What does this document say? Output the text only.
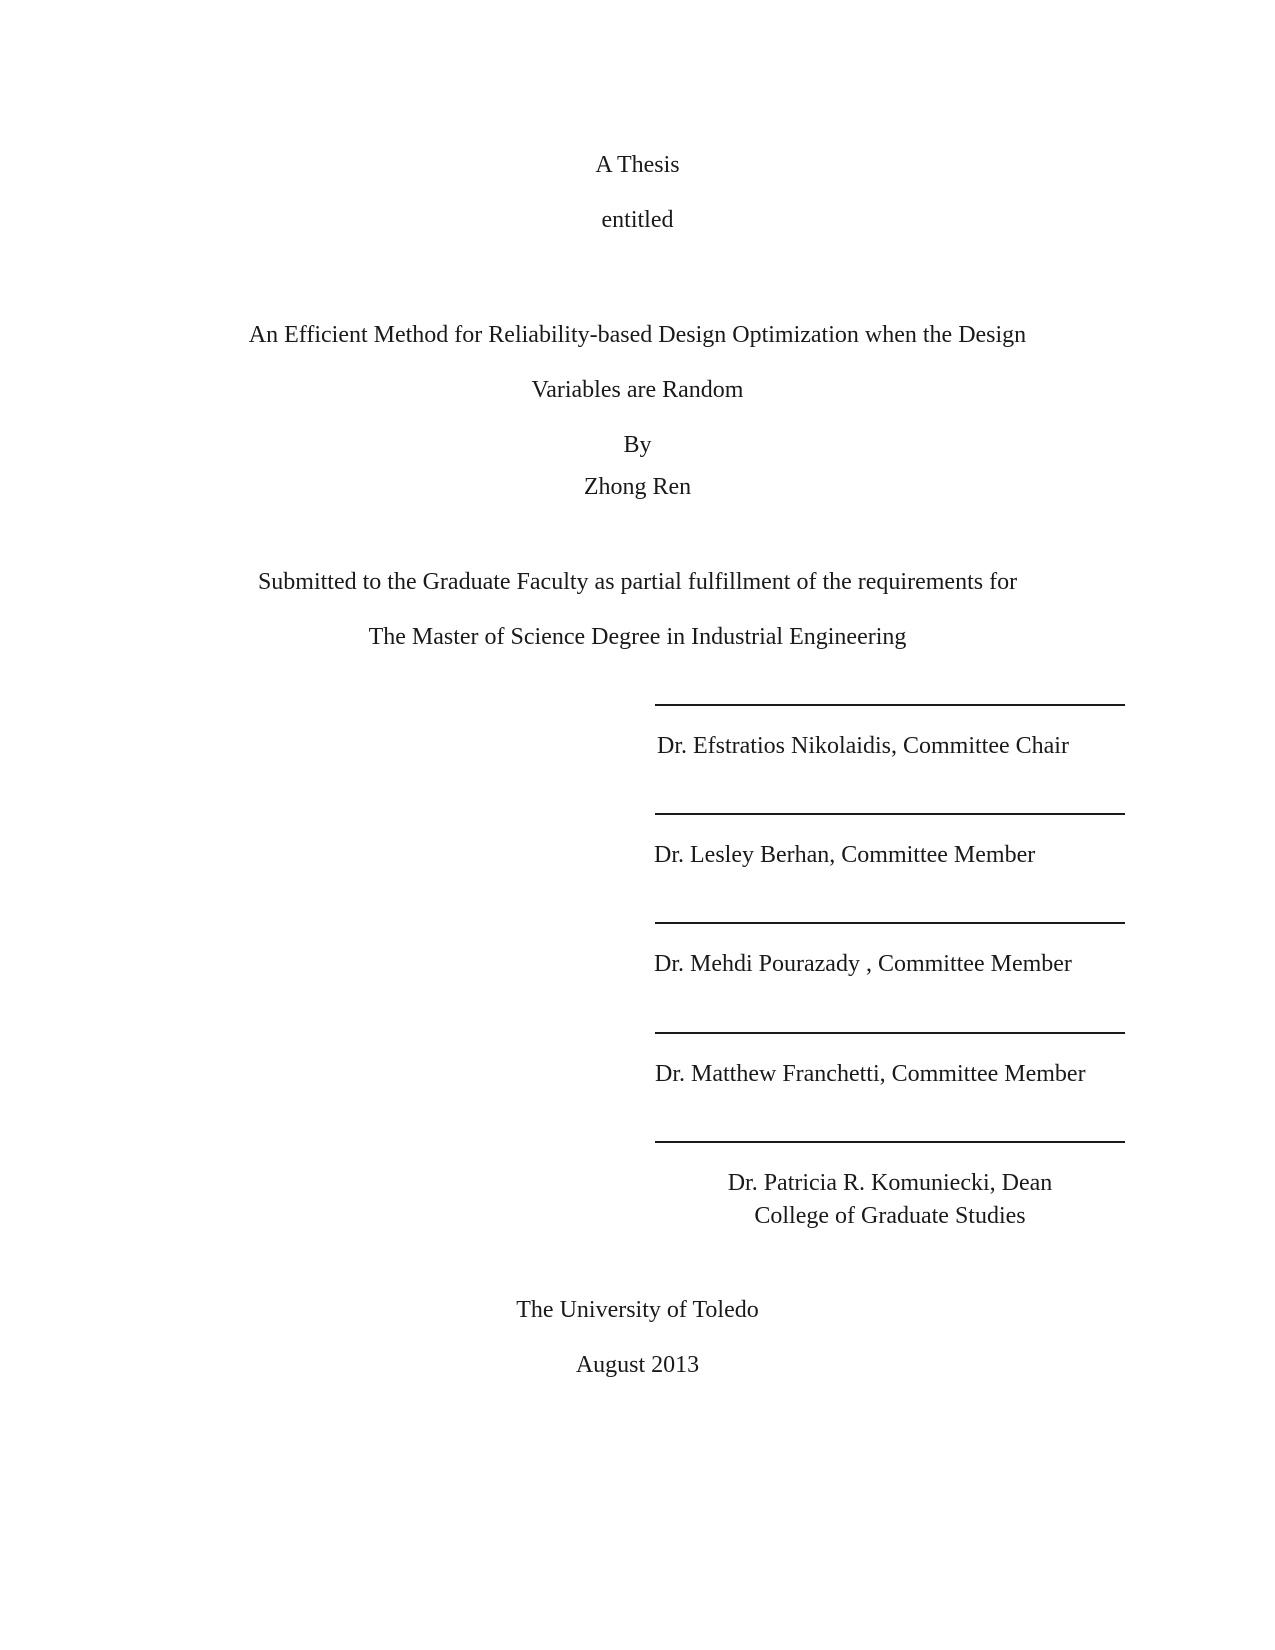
A Thesis
entitled
An Efficient Method for Reliability-based Design Optimization when the Design
Variables are Random
By
Zhong Ren
Submitted to the Graduate Faculty as partial fulfillment of the requirements for
The Master of Science Degree in Industrial Engineering
Dr. Efstratios Nikolaidis, Committee Chair
Dr. Lesley Berhan, Committee Member
Dr. Mehdi Pourazady , Committee Member
Dr. Matthew Franchetti, Committee Member
Dr. Patricia R. Komuniecki, Dean
College of Graduate Studies
The University of Toledo
August 2013
